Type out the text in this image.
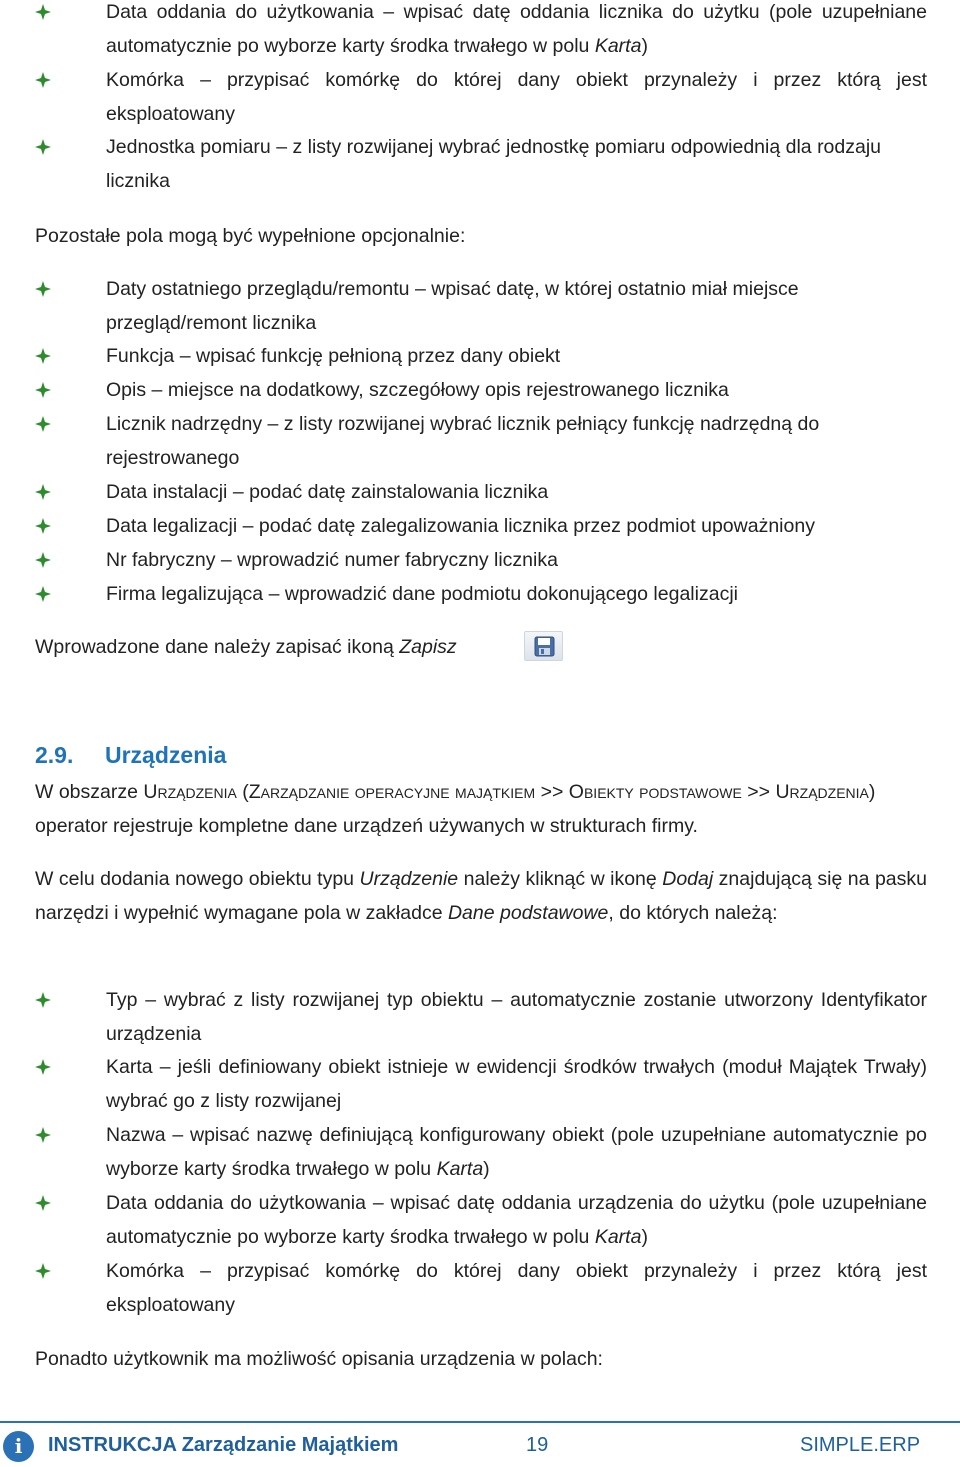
Data oddania do użytkowania – wpisać datę oddania licznika do użytku (pole uzupełniane automatycznie po wyborze karty środka trwałego w polu Karta)
Komórka – przypisać komórkę do której dany obiekt przynależy i przez którą jest eksploatowany
Jednostka pomiaru – z listy rozwijanej wybrać jednostkę pomiaru odpowiednią dla rodzaju licznika
Pozostałe pola mogą być wypełnione opcjonalnie:
Daty ostatniego przeglądu/remontu – wpisać datę, w której ostatnio miał miejsce przegląd/remont licznika
Funkcja – wpisać funkcję pełnioną przez dany obiekt
Opis – miejsce na dodatkowy, szczegółowy opis rejestrowanego licznika
Licznik nadrzędny – z listy rozwijanej wybrać licznik pełniący funkcję nadrzędną do rejestrowanego
Data instalacji – podać datę zainstalowania licznika
Data legalizacji – podać datę zalegalizowania licznika przez podmiot upoważniony
Nr fabryczny – wprowadzić numer fabryczny licznika
Firma legalizująca – wprowadzić dane podmiotu dokonującego legalizacji
Wprowadzone dane należy zapisać ikoną Zapisz
2.9. Urządzenia
W obszarze Urządzenia (Zarządzanie operacyjne majątkiem >> Obiekty podstawowe >> Urządzenia)
operator rejestruje kompletne dane urządzeń używanych w strukturach firmy.
W celu dodania nowego obiektu typu Urządzenie należy kliknąć w ikonę Dodaj znajdującą się na pasku narzędzi i wypełnić wymagane pola w zakładce Dane podstawowe, do których należą:
Typ – wybrać z listy rozwijanej typ obiektu – automatycznie zostanie utworzony Identyfikator urządzenia
Karta – jeśli definiowany obiekt istnieje w ewidencji środków trwałych (moduł Majątek Trwały) wybrać go z listy rozwijanej
Nazwa – wpisać nazwę definiującą konfigurowany obiekt (pole uzupełniane automatycznie po wyborze karty środka trwałego w polu Karta)
Data oddania do użytkowania – wpisać datę oddania urządzenia do użytku (pole uzupełniane automatycznie po wyborze karty środka trwałego w polu Karta)
Komórka – przypisać komórkę do której dany obiekt przynależy i przez którą jest eksploatowany
Ponadto użytkownik ma możliwość opisania urządzenia w polach:
i	INSTRUKCJA Zarządzanie Majątkiem	19	SIMPLE.ERP
